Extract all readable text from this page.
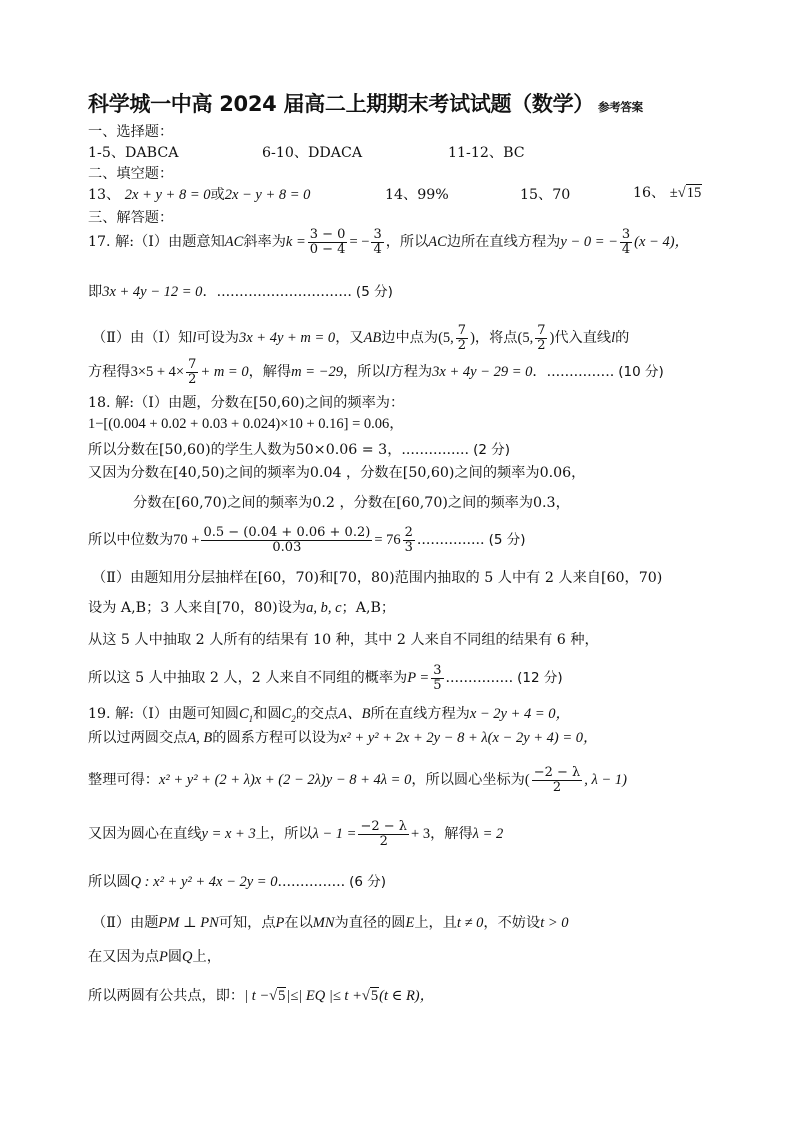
科学城一中高 2024 届高二上期期末考试试题（数学） 参考答案
一、选择题：
1-5、DABCA	6-10、DDACA	11-12、BC
二、填空题：
13、 2x + y + 8 = 0或2x − y + 8 = 0	14、99%	15、70	16、 ±√15
三、解答题：
17. 解:（Ⅰ）由题意知AC斜率为$k = \frac{3 - 0}{0 - 4}$ = − $\frac{3}{4}$ ，所以AC边所在直线方程为y − 0 = − $\frac{3}{4} (x - 4)$，
即3x + 4y − 12 = 0．.............................. (5 分)
（Ⅱ）由（Ⅰ）知l可设为3x + 4y + m = 0，又AB边中点为(5, $\frac{7}{2}$ )，将点(5, $\frac{7}{2}$ )代入直线l的
方程得$3\times 5 + 4\times \frac{7}{2} + m = 0$，解得m = −29，所以l方程为3x + 4y − 29 = 0．............... (10 分)
18. 解:（Ⅰ）由题，分数在[50,60)之间的频率为：
1−[(0.004 + 0.02 + 0.03 + 0.024)×10 + 0.16] = 0.06，
所以分数在[50,60)的学生人数为50×0.06 = 3，............... (2 分)
又因为分数在[40,50)之间的频率为0.04 ，分数在[50,60)之间的频率为0.06，
分数在[60,70)之间的频率为0.2 ，分数在[60,70)之间的频率为0.3，
所以中位数为$70 + \frac{0.5 - (0.04 + 0.06 + 0.2)}{0.03} = 76 \frac{2}{3}$ ............... (5 分)
（Ⅱ）由题知用分层抽样在[60，70)和[70，80)范围内抽取的 5 人中有 2 人来自[60，70)
设为 A,B；3 人来自[70，80)设为a, b, c；A,B；
从这 5 人中抽取 2 人所有的结果有 10 种，其中 2 人来自不同组的结果有 6 种，
所以这 5 人中抽取 2 人，2 人来自不同组的概率为$P = \frac{3}{5}$ ............... (12 分)
19. 解:（Ⅰ）由题可知圆$C_1$和圆$C_2$的交点A、B所在直线方程为x − 2y + 4 = 0，
所以过两圆交点A, B的圆系方程可以设为x² + y² + 2x + 2y − 8 + λ(x − 2y + 4) = 0，
整理可得：x² + y² + (2 + λ)x + (2 − 2λ)y − 8 + 4λ = 0，所以圆心坐标为( $\frac{-2 - \lambda}{2}$ , λ − 1)
又因为圆心在直线y = x + 3上，所以$\lambda - 1 = \frac{-2 - \lambda}{2} + 3$，解得λ = 2
所以圆Q : x² + y² + 4x − 2y = 0............... (6 分)
（Ⅱ）由题PM ⊥ PN可知，点P在以MN为直径的圆E上，且t ≠ 0，不妨设t > 0
在又因为点P圆Q上，
所以两圆有公共点，即：| t −√5|≤| EQ |≤ t +√5(t ∈ R)，
